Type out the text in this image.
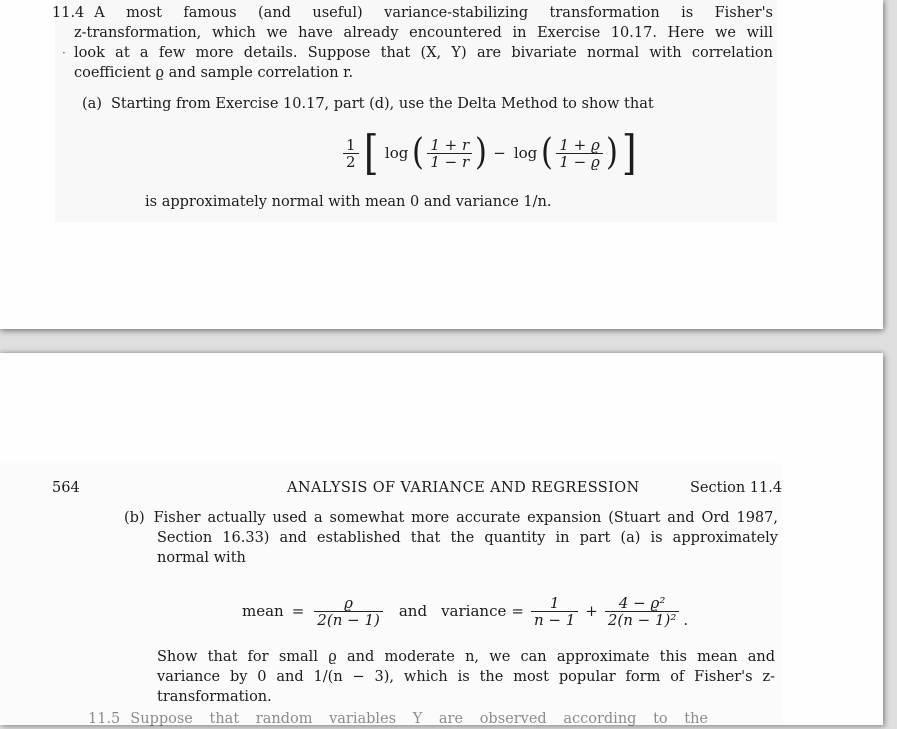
11.4 A most famous (and useful) variance-stabilizing transformation is Fisher's
z-transformation, which we have already encountered in Exercise 10.17. Here we will
· look at a few more details. Suppose that (X, Y) are bivariate normal with correlation
coefficient ϱ and sample correlation r.
(a) Starting from Exercise 10.17, part (d), use the Delta Method to show that
$\frac{1}{2}$ [ log ( $\frac{1 + r}{1 - r}$ ) − log ( $\frac{1 + ϱ}{1 - ϱ}$ ) ]
is approximately normal with mean 0 and variance 1/n.
564	ANALYSIS OF VARIANCE AND REGRESSION	Section 11.4
(b) Fisher actually used a somewhat more accurate expansion (Stuart and Ord 1987,
Section 16.33) and established that the quantity in part (a) is approximately
normal with
mean = $\frac{ϱ}{2(n - 1)}$ and variance = $\frac{1}{n - 1} + \frac{\text{4 − ϱ²}}{\text{2(n − 1)²}}$ .
Show that for small ϱ and moderate n, we can approximate this mean and
variance by 0 and 1/(n − 3), which is the most popular form of Fisher's z-
transformation.
11.5 Suppose that random variables Y are observed according to the
